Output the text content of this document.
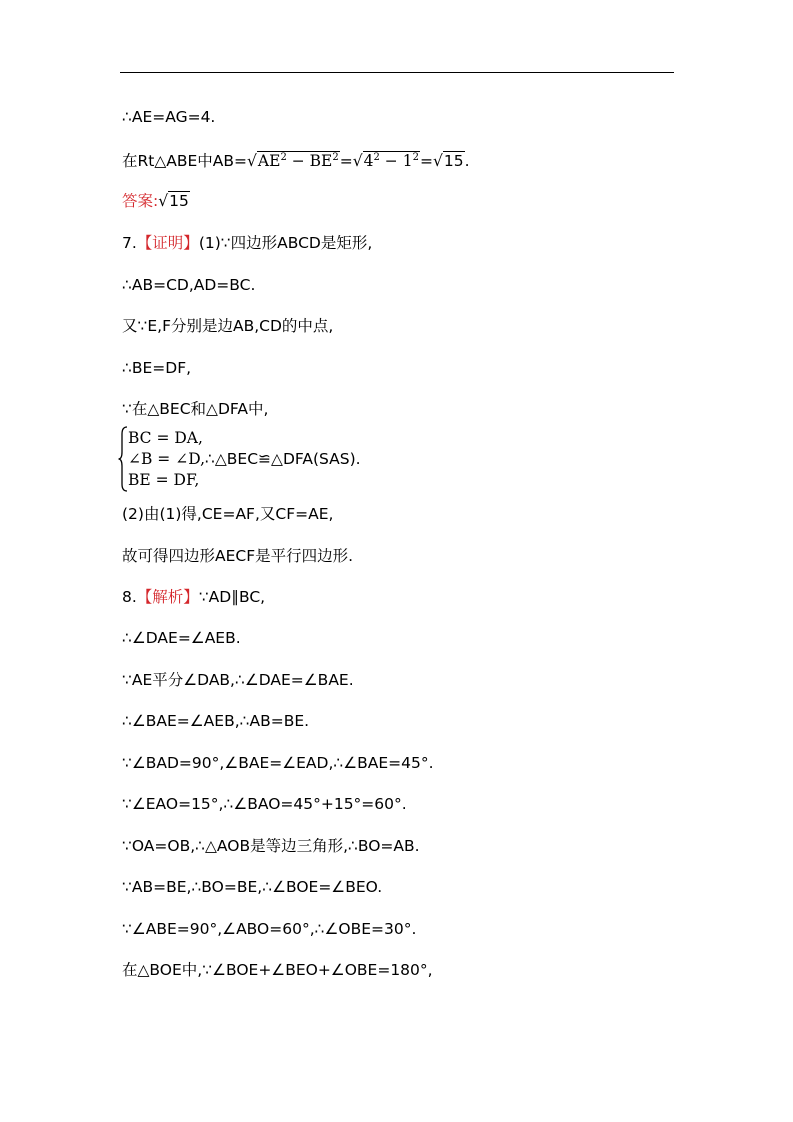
∴AE=AG=4.
在Rt△ABE中$AB=√AE^2 - BE^2=√4^2 - 1^2=√15$.
答案:√15
7.【证明】(1)∵四边形ABCD是矩形,
∴AB=CD,AD=BC.
又∵E,F分别是边AB,CD的中点,
∴BE=DF,
∵在△BEC和△DFA中,
BC = DA,
∠B = ∠D,∴△BEC≌△DFA(SAS).
BE = DF,
(2)由(1)得,CE=AF,又CF=AE,
故可得四边形AECF是平行四边形.
8.【解析】∵AD∥BC,
∴∠DAE=∠AEB.
∵AE平分∠DAB,∴∠DAE=∠BAE.
∴∠BAE=∠AEB,∴AB=BE.
∵∠BAD=90°,∠BAE=∠EAD,∴∠BAE=45°.
∵∠EAO=15°,∴∠BAO=45°+15°=60°.
∵OA=OB,∴△AOB是等边三角形,∴BO=AB.
∵AB=BE,∴BO=BE,∴∠BOE=∠BEO.
∵∠ABE=90°,∠ABO=60°,∴∠OBE=30°.
在△BOE中,∵∠BOE+∠BEO+∠OBE=180°,
